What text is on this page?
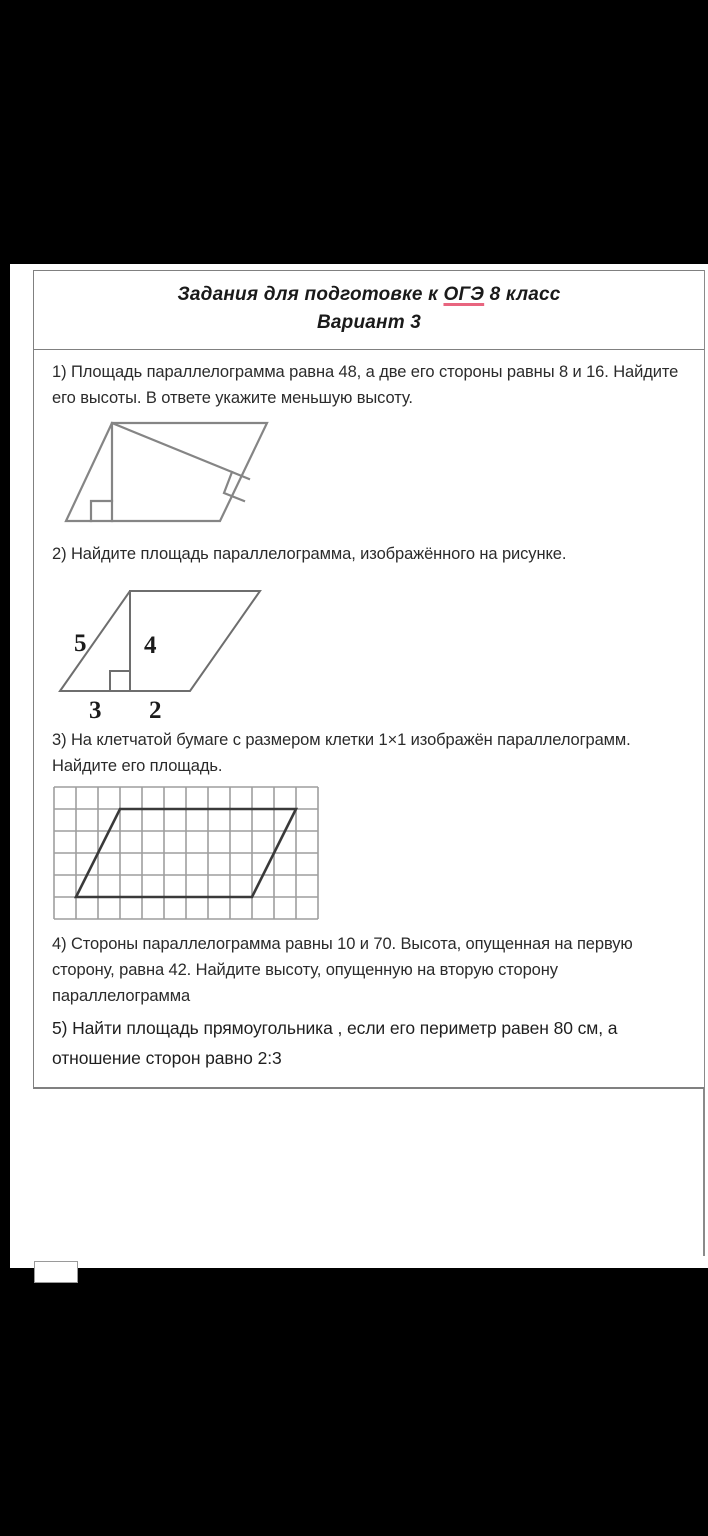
Задания для подготовке к ОГЭ 8 класс
Вариант 3

1) Площадь параллелограмма равна 48, а две его стороны равны 8 и 16. Найдите его высоты. В ответе укажите меньшую высоту.

2) Найдите площадь параллелограмма, изображённого на рисунке.

5 4
3 2

3) На клетчатой бумаге с размером клетки 1×1 изображён параллелограмм. Найдите его площадь.

4) Стороны параллелограмма равны 10 и 70. Высота, опущенная на первую сторону, равна 42. Найдите высоту, опущенную на вторую сторону параллелограмма

5) Найти площадь прямоугольника , если его периметр равен 80 см, а отношение сторон равно 2:3
